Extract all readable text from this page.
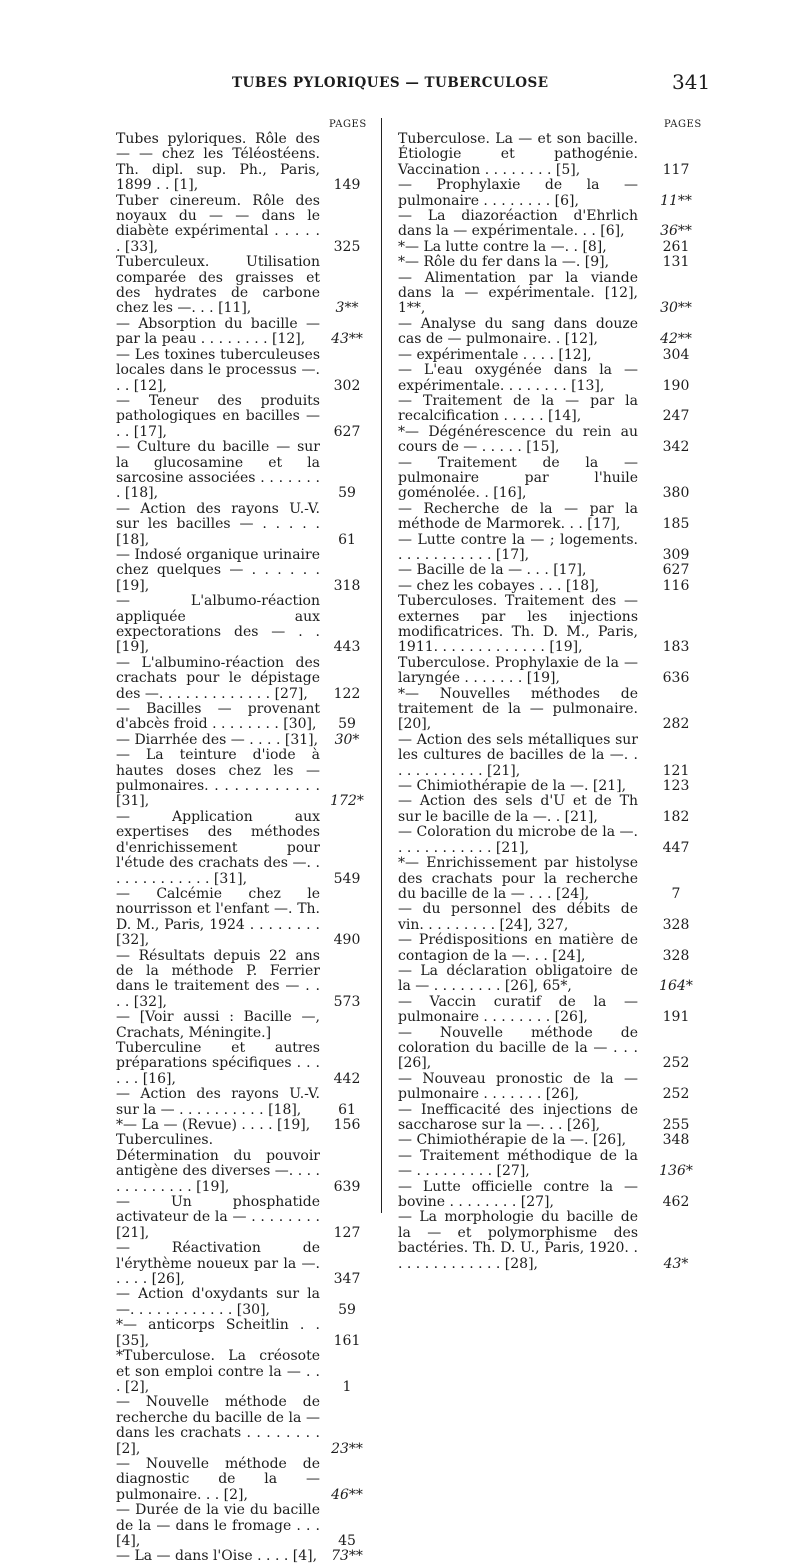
TUBES PYLORIQUES — TUBERCULOSE	341
PAGES	PAGES
Tubes pyloriques. Rôle des — — chez les Téléostéens. Th. dipl. sup. Ph., Paris, 1899 . . [1],	149
Tuber cinereum. Rôle des noyaux du — — dans le diabète expérimental . . . . . . [33],	325
Tuberculeux. Utilisation comparée des graisses et des hydrates de carbone chez les —. . . [11],	3**
— Absorption du bacille — par la peau . . . . . . . . [12],	43**
— Les toxines tuberculeuses locales dans le processus —. . . [12],	302
— Teneur des produits pathologiques en bacilles — . . [17],	627
— Culture du bacille — sur la glucosamine et la sarcosine associées . . . . . . . . [18],	59
— Action des rayons U.-V. sur les bacilles — . . . . . [18],	61
— Indosé organique urinaire chez quelques — . . . . . . [19],	318
— L'albumo-réaction appliquée aux expectorations des — . . [19],	443
— L'albumino-réaction des crachats pour le dépistage des —. . . . . . . . . . . . . [27],	122
— Bacilles — provenant d'abcès froid . . . . . . . . [30],	59
— Diarrhée des — . . . . [31],	30*
— La teinture d'iode à hautes doses chez les — pulmonaires. . . . . . . . . . . . [31],	172*
— Application aux expertises des méthodes d'enrichissement pour l'étude des crachats des —. . . . . . . . . . . . . [31],	549
— Calcémie chez le nourrisson et l'enfant —. Th. D. M., Paris, 1924 . . . . . . . . [32],	490
— Résultats depuis 22 ans de la méthode P. Ferrier dans le traitement des — . . . . [32],	573
— [Voir aussi : Bacille —, Crachats, Méningite.]
Tuberculine et autres préparations spécifiques . . . . . . [16],	442
— Action des rayons U.-V. sur la — . . . . . . . . . . [18],	61
*— La — (Revue) . . . . [19],	156
Tuberculines. Détermination du pouvoir antigène des diverses —. . . . . . . . . . . . . [19],	639
— Un phosphatide activateur de la — . . . . . . . . [21],	127
— Réactivation de l'érythème noueux par la —. . . . . [26],	347
— Action d'oxydants sur la —. . . . . . . . . . . . [30],	59
*— anticorps Scheitlin . . [35],	161
*Tuberculose. La créosote et son emploi contre la — . . . [2],	1
— Nouvelle méthode de recherche du bacille de la — dans les crachats . . . . . . . . [2],	23**
— Nouvelle méthode de diagnostic de la — pulmonaire. . . [2],	46**
— Durée de la vie du bacille de la — dans le fromage . . . [4],	45
— La — dans l'Oise . . . . [4],	73**
Tuberculose. La — et son bacille. Étiologie et pathogénie. Vaccination . . . . . . . . [5],	117
— Prophylaxie de la — pulmonaire . . . . . . . . [6],	11**
— La diazoréaction d'Ehrlich dans la — expérimentale. . . [6],	36**
*— La lutte contre la —. . [8],	261
*— Rôle du fer dans la —. [9],	131
— Alimentation par la viande dans la — expérimentale. [12], 1**,	30**
— Analyse du sang dans douze cas de — pulmonaire. . [12],	42**
— expérimentale . . . . [12],	304
— L'eau oxygénée dans la — expérimentale. . . . . . . . [13],	190
— Traitement de la — par la recalcification . . . . . [14],	247
*— Dégénérescence du rein au cours de — . . . . . [15],	342
— Traitement de la — pulmonaire par l'huile goménolée. . [16],	380
— Recherche de la — par la méthode de Marmorek. . . [17],	185
— Lutte contre la — ; logements. . . . . . . . . . . . [17],	309
— Bacille de la — . . . [17],	627
— chez les cobayes . . . [18],	116
Tuberculoses. Traitement des — externes par les injections modificatrices. Th. D. M., Paris, 1911. . . . . . . . . . . . . [19],	183
Tuberculose. Prophylaxie de la — laryngée . . . . . . . [19],	636
*— Nouvelles méthodes de traitement de la — pulmonaire. [20],	282
— Action des sels métalliques sur les cultures de bacilles de la —. . . . . . . . . . . . [21],	121
— Chimiothérapie de la —. [21],	123
— Action des sels d'U et de Th sur le bacille de la —. . [21],	182
— Coloration du microbe de la —. . . . . . . . . . . . [21],	447
*— Enrichissement par histolyse des crachats pour la recherche du bacille de la — . . . [24],	7
— du personnel des débits de vin. . . . . . . . . [24], 327,	328
— Prédispositions en matière de contagion de la —. . . [24],	328
— La déclaration obligatoire de la — . . . . . . . . [26], 65*,	164*
— Vaccin curatif de la — pulmonaire . . . . . . . . [26],	191
— Nouvelle méthode de coloration du bacille de la — . . . [26],	252
— Nouveau pronostic de la — pulmonaire . . . . . . . [26],	252
— Inefficacité des injections de saccharose sur la —. . . [26],	255
— Chimiothérapie de la —. [26],	348
— Traitement méthodique de la — . . . . . . . . . [27],	136*
— Lutte officielle contre la — bovine . . . . . . . . [27],	462
— La morphologie du bacille de la — et polymorphisme des bactéries. Th. D. U., Paris, 1920. . . . . . . . . . . . . . [28],	43*
